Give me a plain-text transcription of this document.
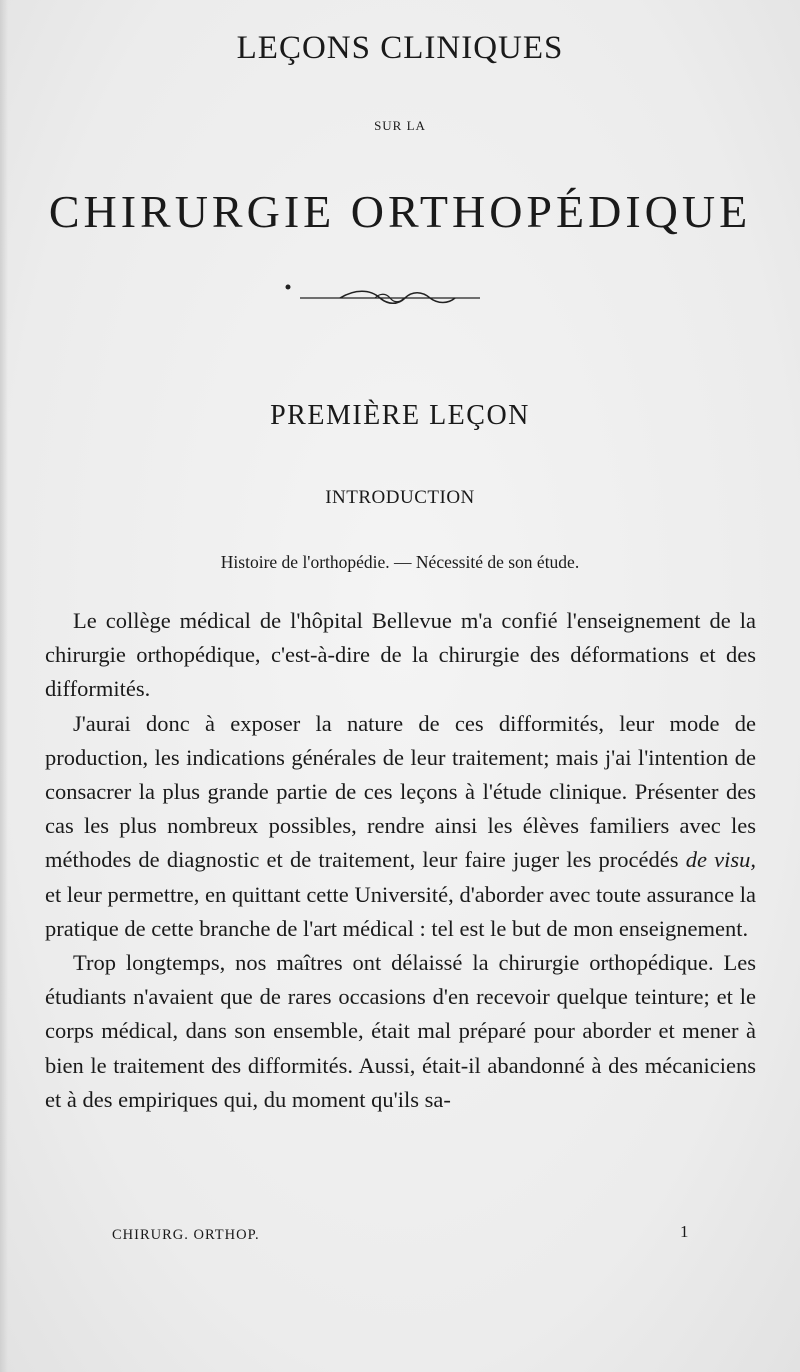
LEÇONS CLINIQUES
SUR LA
CHIRURGIE ORTHOPÉDIQUE
PREMIÈRE LEÇON
INTRODUCTION
Histoire de l'orthopédie. — Nécessité de son étude.

Le collège médical de l'hôpital Bellevue m'a confié l'enseignement de la chirurgie orthopédique, c'est-à-dire de la chirurgie des déformations et des difformités.

J'aurai donc à exposer la nature de ces difformités, leur mode de production, les indications générales de leur traitement; mais j'ai l'intention de consacrer la plus grande partie de ces leçons à l'étude clinique. Présenter des cas les plus nombreux possibles, rendre ainsi les élèves familiers avec les méthodes de diagnostic et de traitement, leur faire juger les procédés de visu, et leur permettre, en quittant cette Université, d'aborder avec toute assurance la pratique de cette branche de l'art médical : tel est le but de mon enseignement.

Trop longtemps, nos maîtres ont délaissé la chirurgie orthopédique. Les étudiants n'avaient que de rares occasions d'en recevoir quelque teinture; et le corps médical, dans son ensemble, était mal préparé pour aborder et mener à bien le traitement des difformités. Aussi, était-il abandonné à des mécaniciens et à des empiriques qui, du moment qu'ils sa-

CHIRURG. ORTHOP.	1
